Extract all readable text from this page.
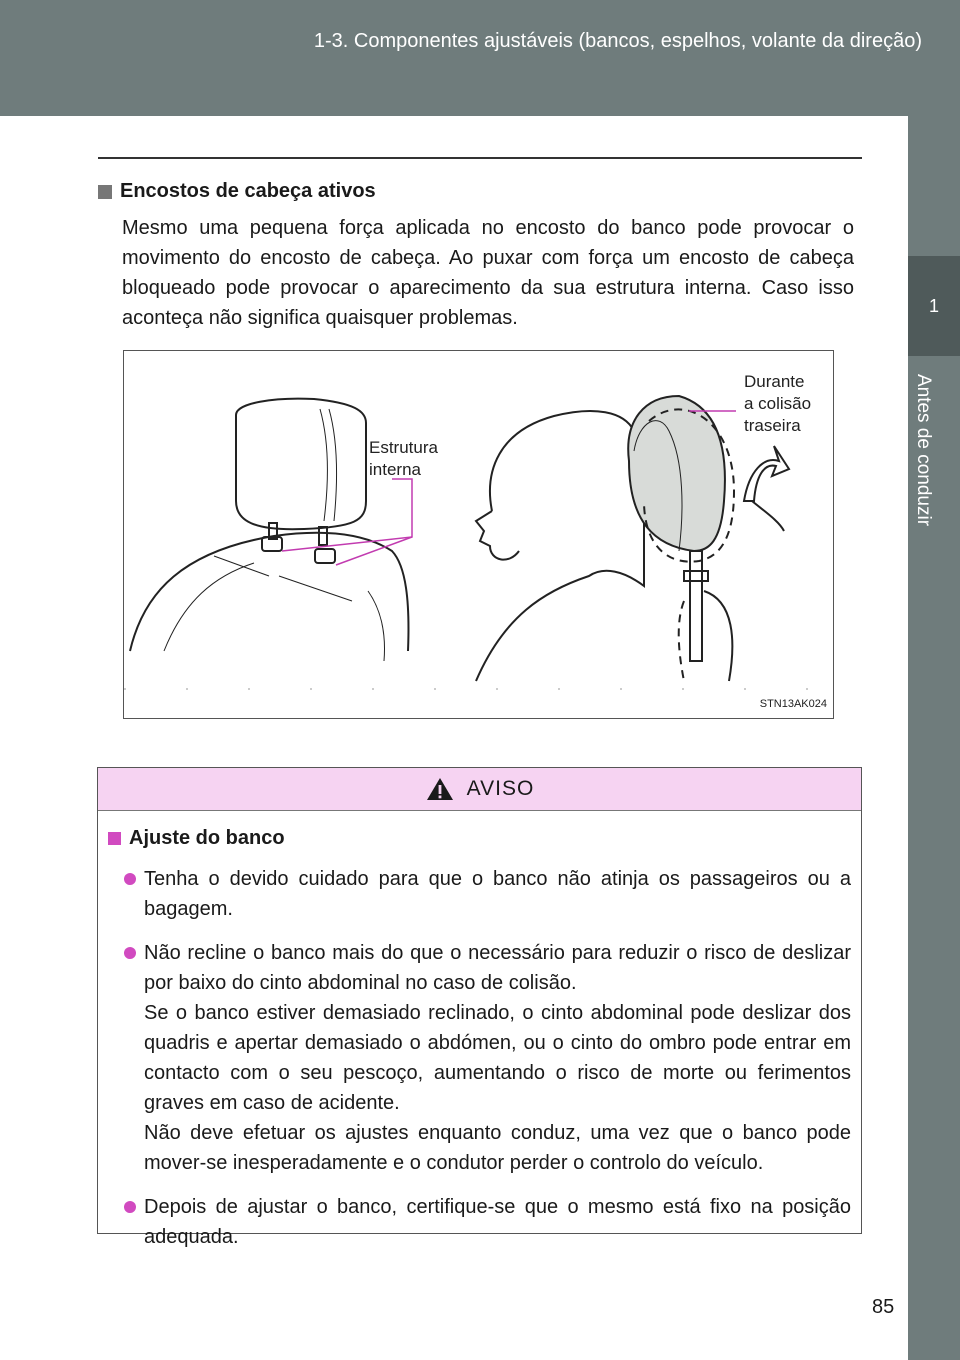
1-3. Componentes ajustáveis (bancos, espelhos, volante da direção)
1
Antes de conduzir
Encostos de cabeça ativos
Mesmo uma pequena força aplicada no encosto do banco pode provocar o movimento do encosto de cabeça. Ao puxar com força um encosto de cabeça bloqueado pode provocar o aparecimento da sua estrutura interna. Caso isso aconteça não significa quaisquer problemas.
Estrutura
interna
Durante
a colisão
traseira
STN13AK024
AVISO
Ajuste do banco
Tenha o devido cuidado para que o banco não atinja os passageiros ou a bagagem.
Não recline o banco mais do que o necessário para reduzir o risco de deslizar por baixo do cinto abdominal no caso de colisão.
Se o banco estiver demasiado reclinado, o cinto abdominal pode deslizar dos quadris e apertar demasiado o abdómen, ou o cinto do ombro pode entrar em contacto com o seu pescoço, aumentando o risco de morte ou ferimentos graves em caso de acidente.
Não deve efetuar os ajustes enquanto conduz, uma vez que o banco pode mover-se inesperadamente e o condutor perder o controlo do veículo.
Depois de ajustar o banco, certifique-se que o mesmo está fixo na posição adequada.
85
